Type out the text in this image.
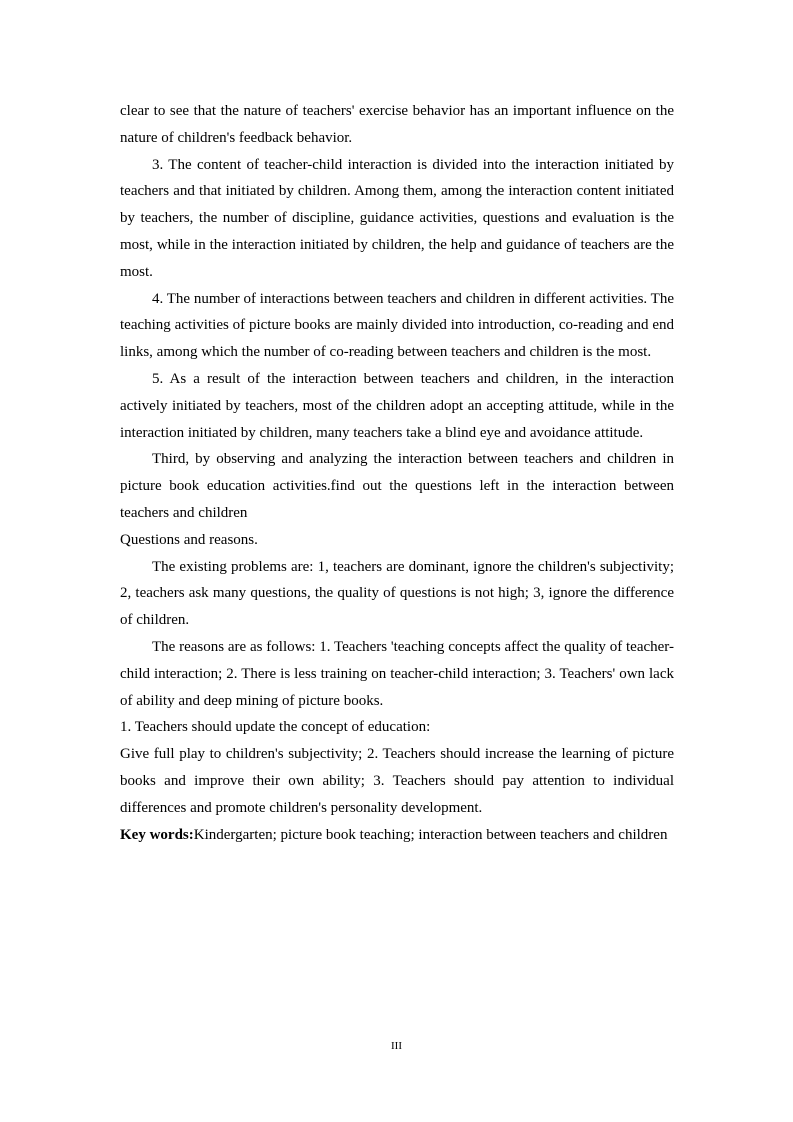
clear to see that the nature of teachers' exercise behavior has an important influence on the nature of children's feedback behavior.

3. The content of teacher-child interaction is divided into the interaction initiated by teachers and that initiated by children. Among them, among the interaction content initiated by teachers, the number of discipline, guidance activities, questions and evaluation is the most, while in the interaction initiated by children, the help and guidance of teachers are the most.

4. The number of interactions between teachers and children in different activities. The teaching activities of picture books are mainly divided into introduction, co-reading and end links, among which the number of co-reading between teachers and children is the most.

5. As a result of the interaction between teachers and children, in the interaction actively initiated by teachers, most of the children adopt an accepting attitude, while in the interaction initiated by children, many teachers take a blind eye and avoidance attitude.

Third, by observing and analyzing the interaction between teachers and children in picture book education activities.find out the questions left in the interaction between teachers and children

Questions and reasons.

The existing problems are: 1, teachers are dominant, ignore the children's subjectivity; 2, teachers ask many questions, the quality of questions is not high; 3, ignore the difference of children.

The reasons are as follows: 1. Teachers 'teaching concepts affect the quality of teacher-child interaction; 2. There is less training on teacher-child interaction; 3. Teachers' own lack of ability and deep mining of picture books.

1. Teachers should update the concept of education:

Give full play to children's subjectivity; 2. Teachers should increase the learning of picture books and improve their own ability; 3. Teachers should pay attention to individual differences and promote children's personality development.

Key words:Kindergarten; picture book teaching; interaction between teachers and children

III
